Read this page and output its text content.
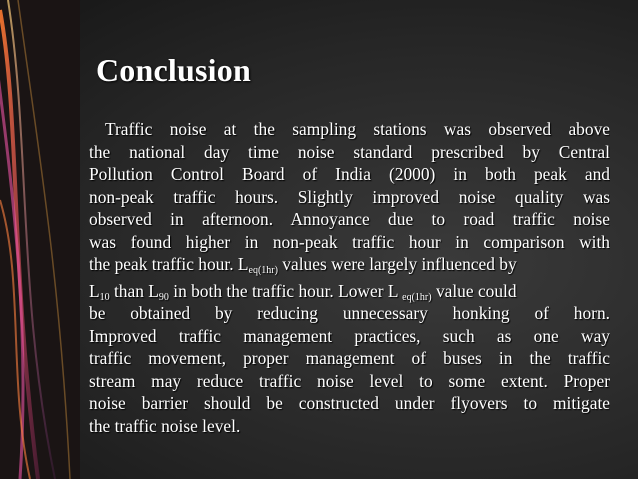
Conclusion
Traffic noise at the sampling stations was observed above
the national day time noise standard prescribed by Central
Pollution Control Board of India (2000) in both peak and
non-peak traffic hours. Slightly improved noise quality was
observed in afternoon. Annoyance due to road traffic noise
was found higher in non-peak traffic hour in comparison with
the peak traffic hour. $L_{eq(1hr)}$ values were largely influenced by
$L_{10}$ than $L_{90}$ in both the traffic hour. Lower L $_{eq(1hr)}$ value could
be obtained by reducing unnecessary honking of horn.
Improved traffic management practices, such as one way
traffic movement, proper management of buses in the traffic
stream may reduce traffic noise level to some extent. Proper
noise barrier should be constructed under flyovers to mitigate
the traffic noise level.
